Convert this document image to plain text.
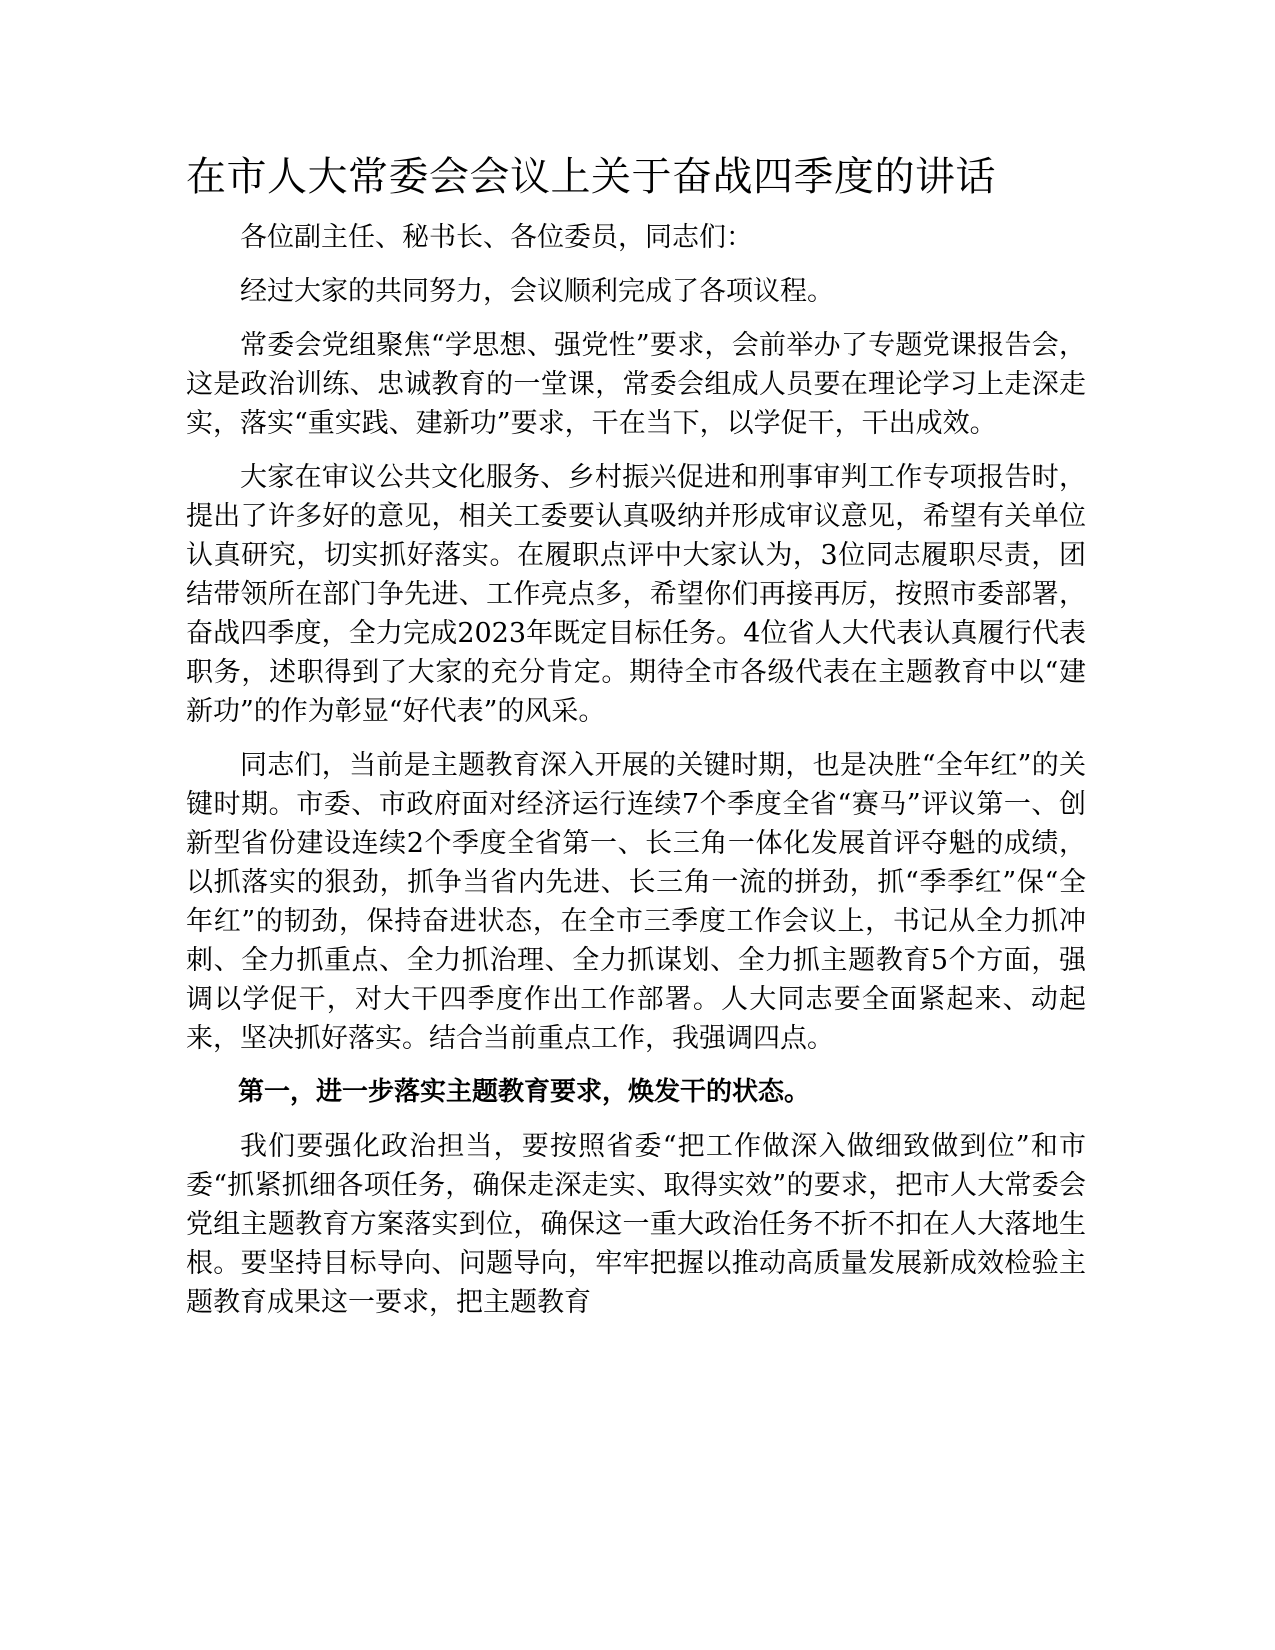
在市人大常委会会议上关于奋战四季度的讲话

各位副主任、秘书长、各位委员，同志们：

经过大家的共同努力，会议顺利完成了各项议程。

常委会党组聚焦“学思想、强党性”要求，会前举办了专题党课报告会，这是政治训练、忠诚教育的一堂课，常委会组成人员要在理论学习上走深走实，落实“重实践、建新功”要求，干在当下，以学促干，干出成效。

大家在审议公共文化服务、乡村振兴促进和刑事审判工作专项报告时，提出了许多好的意见，相关工委要认真吸纳并形成审议意见，希望有关单位认真研究，切实抓好落实。在履职点评中大家认为，3位同志履职尽责，团结带领所在部门争先进、工作亮点多，希望你们再接再厉，按照市委部署，奋战四季度，全力完成2023年既定目标任务。4位省人大代表认真履行代表职务，述职得到了大家的充分肯定。期待全市各级代表在主题教育中以“建新功”的作为彰显“好代表”的风采。

同志们，当前是主题教育深入开展的关键时期，也是决胜“全年红”的关键时期。市委、市政府面对经济运行连续7个季度全省“赛马”评议第一、创新型省份建设连续2个季度全省第一、长三角一体化发展首评夺魁的成绩，以抓落实的狠劲，抓争当省内先进、长三角一流的拼劲，抓“季季红”保“全年红”的韧劲，保持奋进状态，在全市三季度工作会议上，书记从全力抓冲刺、全力抓重点、全力抓治理、全力抓谋划、全力抓主题教育5个方面，强调以学促干，对大干四季度作出工作部署。人大同志要全面紧起来、动起来，坚决抓好落实。结合当前重点工作，我强调四点。

第一，进一步落实主题教育要求，焕发干的状态。

我们要强化政治担当，要按照省委“把工作做深入做细致做到位”和市委“抓紧抓细各项任务，确保走深走实、取得实效”的要求，把市人大常委会党组主题教育方案落实到位，确保这一重大政治任务不折不扣在人大落地生根。要坚持目标导向、问题导向，牢牢把握以推动高质量发展新成效检验主题教育成果这一要求，把主题教育
